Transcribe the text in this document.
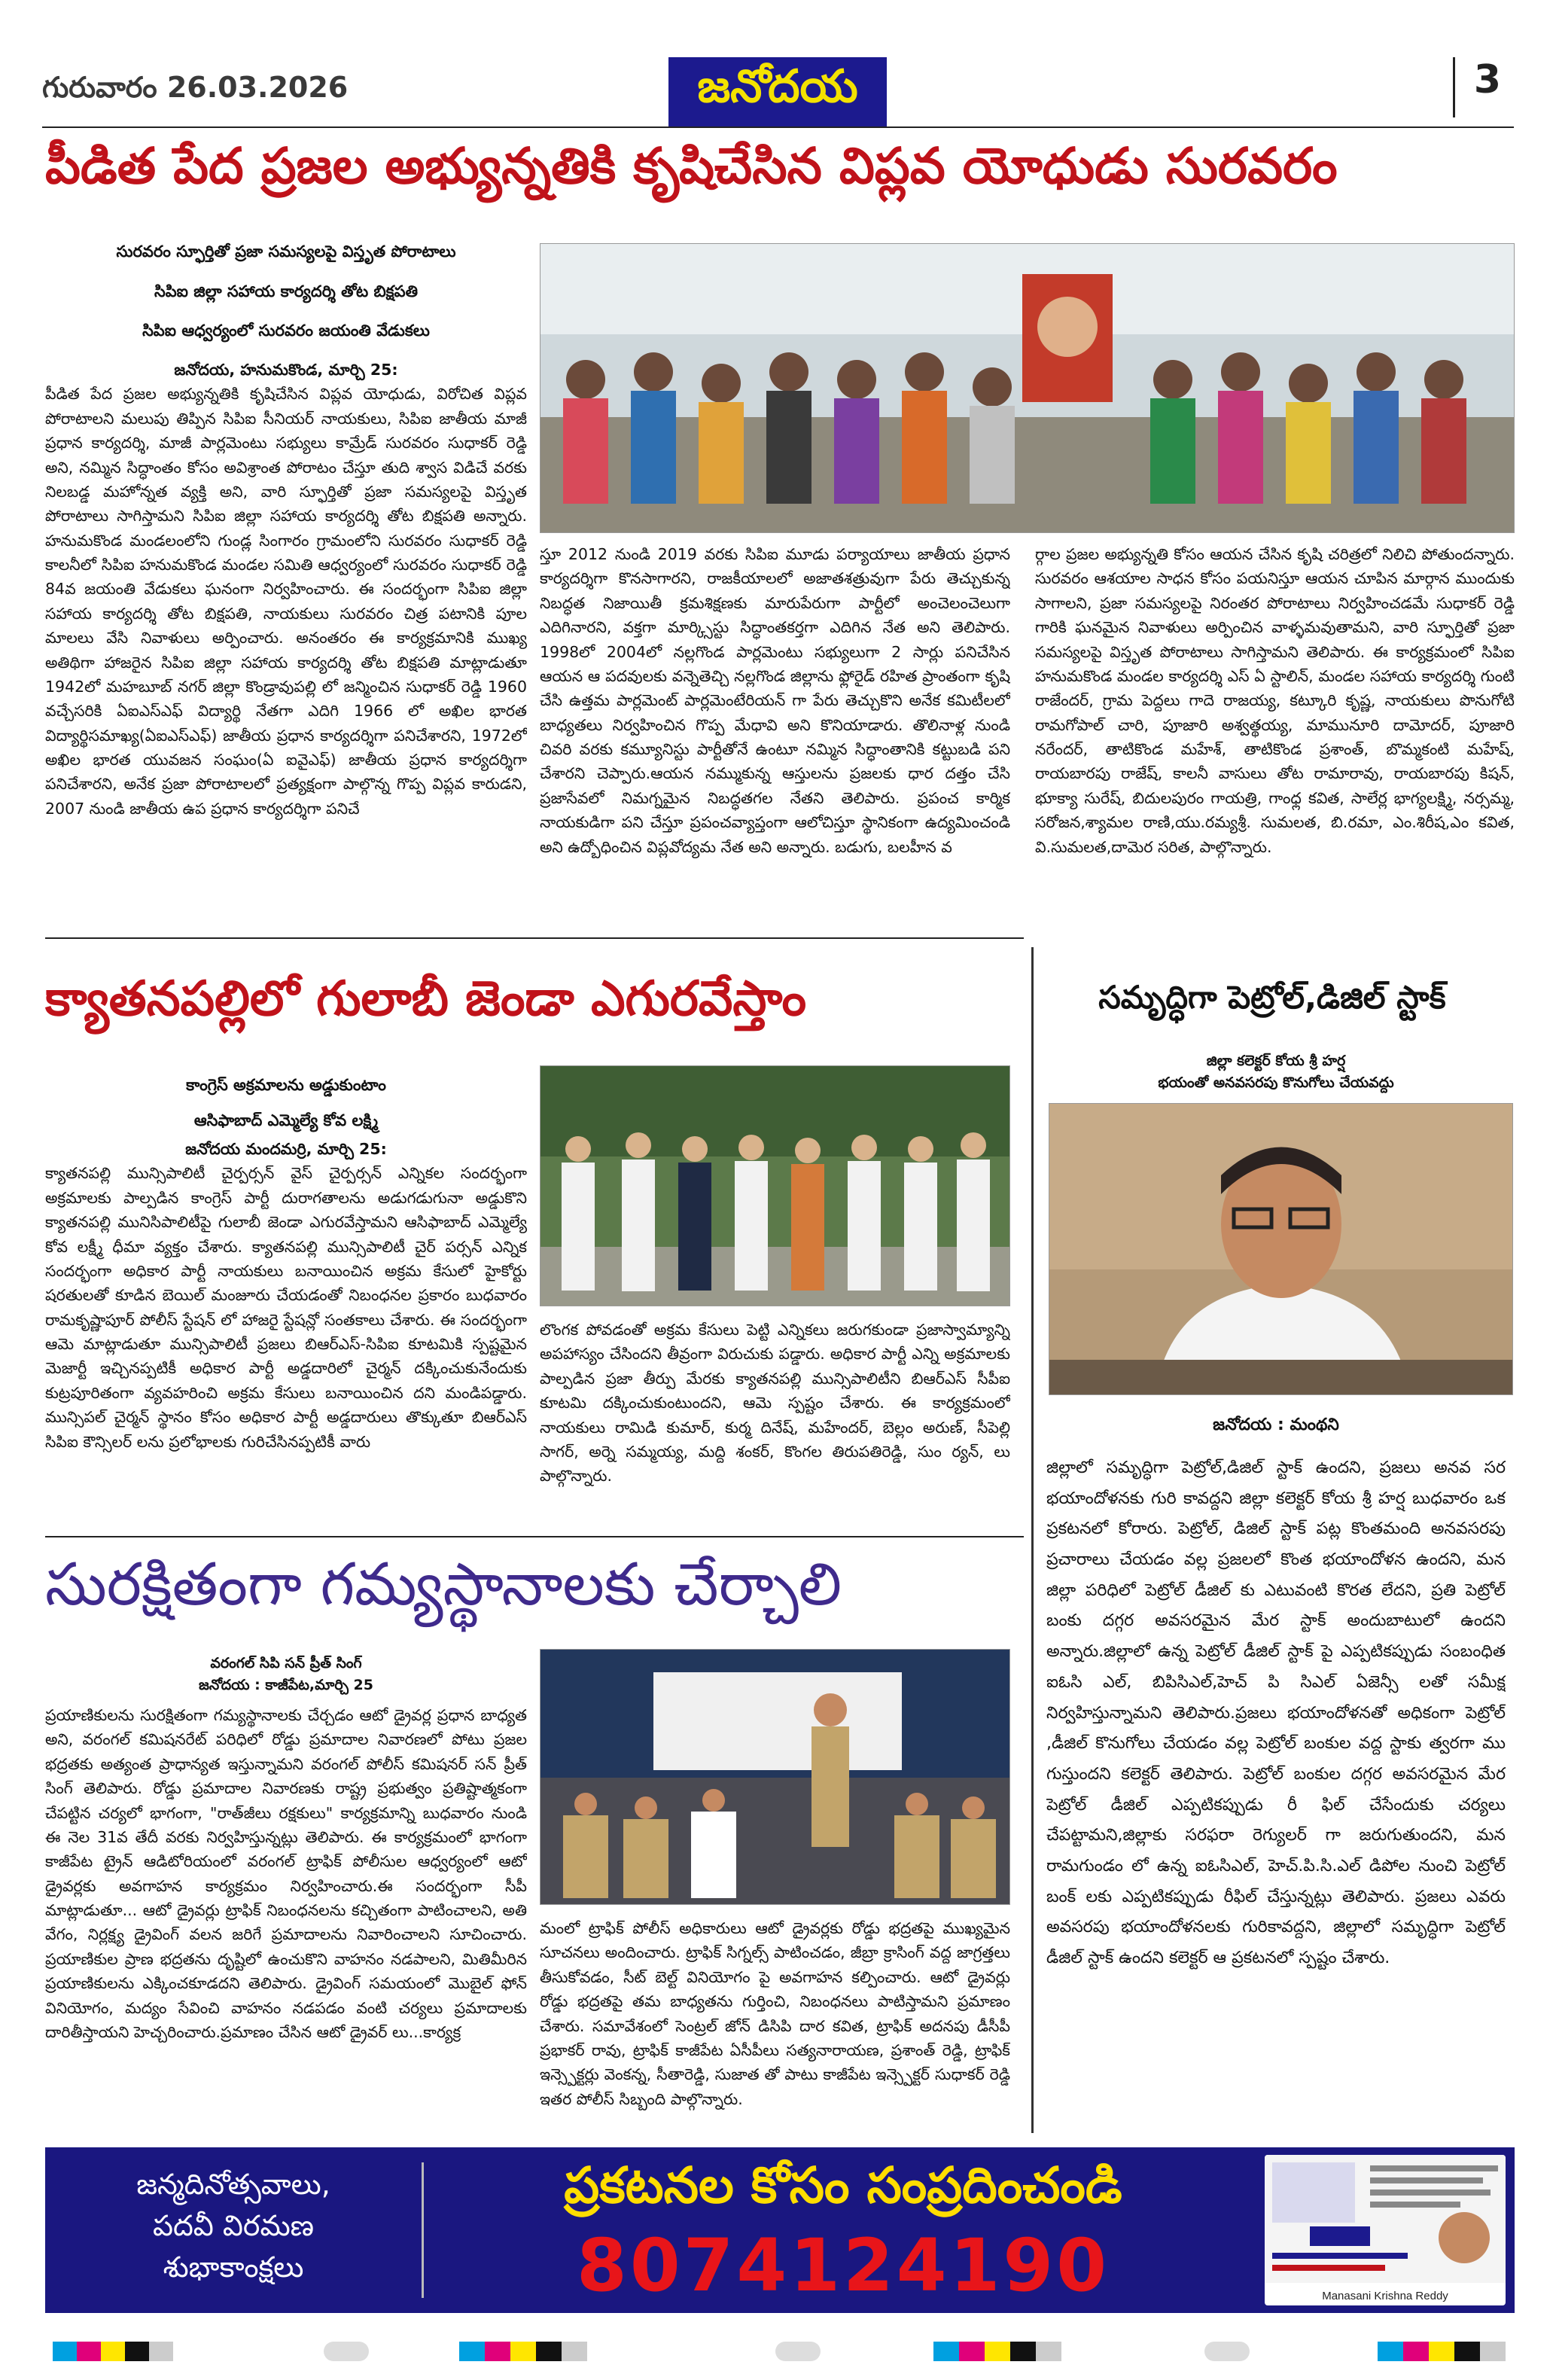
గురువారం 26.03.2026	జనోదయ	3
పీడిత పేద ప్రజల అభ్యున్నతికి కృషిచేసిన విప్లవ యోధుడు సురవరం
సురవరం స్ఫూర్తితో ప్రజా సమస్యలపై విస్తృత పోరాటాలు
సిపిఐ జిల్లా సహాయ కార్యదర్శి తోట బిక్షపతి
సిపిఐ ఆధ్వర్యంలో సురవరం జయంతి వేడుకలు
జనోదయ, హనుమకొండ, మార్చి 25:
పీడిత పేద ప్రజల అభ్యున్నతికి కృషిచేసిన విప్లవ యోధుడు, విరోచిత విప్లవ పోరాటాలని మలుపు తిప్పిన సిపిఐ సీనియర్ నాయకులు, సిపిఐ జాతీయ మాజీ ప్రధాన కార్యదర్శి, మాజీ పార్లమెంటు సభ్యులు కామ్రేడ్ సురవరం సుధాకర్ రెడ్డి అని, నమ్మిన సిద్ధాంతం కోసం అవిశ్రాంత పోరాటం చేస్తూ తుది శ్వాస విడిచే వరకు నిలబడ్డ మహోన్నత వ్యక్తి అని, వారి స్ఫూర్తితో ప్రజా సమస్యలపై విస్తృత పోరాటాలు సాగిస్తామని సిపిఐ జిల్లా సహాయ కార్యదర్శి తోట బిక్షపతి అన్నారు. హనుమకొండ మండలంలోని గుండ్ల సింగారం గ్రామంలోని సురవరం సుధాకర్ రెడ్డి కాలనీలో సిపిఐ హనుమకొండ మండల సమితి ఆధ్వర్యంలో సురవరం సుధాకర్ రెడ్డి 84వ జయంతి వేడుకలు ఘనంగా నిర్వహించారు. ఈ సందర్భంగా సిపిఐ జిల్లా సహాయ కార్యదర్శి తోట బిక్షపతి, నాయకులు సురవరం చిత్ర పటానికి పూల మాలలు వేసి నివాళులు అర్పించారు. అనంతరం ఈ కార్యక్రమానికి ముఖ్య అతిథిగా హాజరైన సిపిఐ జిల్లా సహాయ కార్యదర్శి తోట బిక్షపతి మాట్లాడుతూ 1942లో మహబూబ్ నగర్ జిల్లా కొండ్రావుపల్లి లో జన్మించిన సుధాకర్ రెడ్డి 1960 వచ్చేసరికి ఏఐఎస్ఎఫ్ విద్యార్థి నేతగా ఎదిగి 1966 లో అఖిల భారత విద్యార్థిసమాఖ్య(ఏఐఎస్ఎఫ్) జాతీయ ప్రధాన కార్యదర్శిగా పనిచేశారని, 1972లో అఖిల భారత యువజన సంఘం(ఏ ఐవైఎఫ్) జాతీయ ప్రధాన కార్యదర్శిగా పనిచేశారని, అనేక ప్రజా పోరాటాలలో ప్రత్యక్షంగా పాల్గొన్న గొప్ప విప్లవ కారుడని, 2007 నుండి జాతీయ ఉప ప్రధాన కార్యదర్శిగా పనిచే
స్తూ 2012 నుండి 2019 వరకు సిపిఐ మూడు పర్యాయాలు జాతీయ ప్రధాన కార్యదర్శిగా కొనసాగారని, రాజకీయాలలో అజాతశత్రువుగా పేరు తెచ్చుకున్న నిబద్ధత నిజాయితీ క్రమశిక్షణకు మారుపేరుగా పార్టీలో అంచెలంచెలుగా ఎదిగినారని, వక్తగా మార్క్సిస్టు సిద్ధాంతకర్తగా ఎదిగిన నేత అని తెలిపారు. 1998లో 2004లో నల్లగొండ పార్లమెంటు సభ్యులుగా 2 సార్లు పనిచేసిన ఆయన ఆ పదవులకు వన్నెతెచ్చి నల్లగొండ జిల్లాను ఫ్లోరైడ్ రహిత ప్రాంతంగా కృషి చేసి ఉత్తమ పార్లమెంట్ పార్లమెంటేరియన్ గా పేరు తెచ్చుకొని అనేక కమిటీలలో బాధ్యతలు నిర్వహించిన గొప్ప మేధావి అని కొనియాడారు. తొలినాళ్ల నుండి చివరి వరకు కమ్యూనిస్టు పార్టీతోనే ఉంటూ నమ్మిన సిద్ధాంతానికి కట్టుబడి పని చేశారని చెప్పారు.ఆయన నమ్ముకున్న ఆస్తులను ప్రజలకు ధార దత్తం చేసి ప్రజాసేవలో నిమగ్నమైన నిబద్ధతగల నేతని తెలిపారు. ప్రపంచ కార్మిక నాయకుడిగా పని చేస్తూ ప్రపంచవ్యాప్తంగా ఆలోచిస్తూ స్థానికంగా ఉద్యమించండి అని ఉద్బోధించిన విప్లవోద్యమ నేత అని అన్నారు. బడుగు, బలహీన వ
ర్గాల ప్రజల అభ్యున్నతి కోసం ఆయన చేసిన కృషి చరిత్రలో నిలిచి పోతుందన్నారు. సురవరం ఆశయాల సాధన కోసం పయనిస్తూ ఆయన చూపిన మార్గాన ముందుకు సాగాలని, ప్రజా సమస్యలపై నిరంతర పోరాటాలు నిర్వహించడమే సుధాకర్ రెడ్డి గారికి ఘనమైన నివాళులు అర్పించిన వాళ్ళమవుతామని, వారి స్ఫూర్తితో ప్రజా సమస్యలపై విస్తృత పోరాటాలు సాగిస్తామని తెలిపారు. ఈ కార్యక్రమంలో సిపిఐ హనుమకొండ మండల కార్యదర్శి ఎస్ ఏ స్టాలిన్, మండల సహాయ కార్యదర్శి గుంటి రాజేందర్, గ్రామ పెద్దలు గాదె రాజయ్య, కట్కూరి కృష్ణ, నాయకులు పొనుగోటి రామగోపాల్ చారి, పూజారి అశ్వత్థయ్య, మామునూరి దామోదర్, పూజారి నరేందర్, తాటికొండ మహేశ్, తాటికొండ ప్రశాంత్, బొమ్మకంటి మహేష్, రాయబారపు రాజేష్, కాలనీ వాసులు తోట రామారావు, రాయబారపు కిషన్, భూక్యా సురేష్, బిదులపురం గాయత్రి, గాంధ్ల కవిత, సాలేర్ల భాగ్యలక్ష్మి, నర్సమ్మ, సరోజన,శ్యామల రాణి,యు.రమ్యశ్రీ. సుమలత, బి.రమా, ఎం.శిరీష,ఎం కవిత, వి.సుమలత,దామెర సరిత, పాల్గొన్నారు.
క్యాతనపల్లిలో గులాబీ జెండా ఎగురవేస్తాం
కాంగ్రెస్ అక్రమాలను అడ్డుకుంటాం
ఆసిఫాబాద్ ఎమ్మెల్యే కోవ లక్ష్మి
జనోదయ మందమర్రి, మార్చి 25:
క్యాతనపల్లి మున్సిపాలిటీ చైర్పర్సన్ వైస్ చైర్పర్సన్ ఎన్నికల సందర్భంగా అక్రమాలకు పాల్పడిన కాంగ్రెస్ పార్టీ దురాగతాలను అడుగడుగునా అడ్డుకొని క్యాతనపల్లి మునిసిపాలిటీపై గులాబీ జెండా ఎగురవేస్తామని ఆసిఫాబాద్ ఎమ్మెల్యే కోవ లక్ష్మీ ధీమా వ్యక్తం చేశారు. క్యాతనపల్లి మున్సిపాలిటీ చైర్ పర్సన్ ఎన్నిక సందర్భంగా అధికార పార్టీ నాయకులు బనాయించిన అక్రమ కేసులో హైకోర్టు షరతులతో కూడిన బెయిల్ మంజూరు చేయడంతో నిబంధనల ప్రకారం బుధవారం రామకృష్ణాపూర్ పోలీస్ స్టేషన్ లో హాజరై స్టేషన్లో సంతకాలు చేశారు. ఈ సందర్భంగా ఆమె మాట్లాడుతూ మున్సిపాలిటీ ప్రజలు బిఆర్ఎస్-సిపిఐ కూటమికి స్పష్టమైన మెజార్టీ ఇచ్చినప్పటికీ అధికార పార్టీ అడ్డదారిలో చైర్మన్ దక్కించుకునేందుకు కుట్రపూరితంగా వ్యవహరించి అక్రమ కేసులు బనాయించిన దని మండిపడ్డారు. మున్సిపల్ చైర్మన్ స్థానం కోసం అధికార పార్టీ అడ్డదారులు తొక్కుతూ బిఆర్ఎస్ సిపిఐ కౌన్సిలర్ లను ప్రలోభాలకు గురిచేసినప్పటికీ వారు
లొంగక పోవడంతో అక్రమ కేసులు పెట్టి ఎన్నికలు జరుగకుండా ప్రజాస్వామ్యాన్ని అపహాస్యం చేసిందని తీవ్రంగా విరుచుకు పడ్డారు. అధికార పార్టీ ఎన్ని అక్రమాలకు పాల్పడిన ప్రజా తీర్పు మేరకు క్యాతనపల్లి మున్సిపాలిటీని బిఆర్ఎస్ సీపీఐ కూటమి దక్కించుకుంటుందని, ఆమె స్పష్టం చేశారు. ఈ కార్యక్రమంలో నాయకులు రామిడి కుమార్, కుర్మ దినేష్, మహేందర్, బెల్లం అరుణ్, సీపెల్లి సాగర్, అర్నె సమ్మయ్య, మద్ది శంకర్, కొంగల తిరుపతిరెడ్డి, సుం ర్యన్, లు పాల్గొన్నారు.
సమృద్ధిగా పెట్రోల్,డిజిల్ స్టాక్
జిల్లా కలెక్టర్ కోయ శ్రీ హర్ష
భయంతో అనవసరపు కొనుగోలు చేయవద్దు
జనోదయ : మంథని
జిల్లాలో సమృద్ధిగా పెట్రోల్,డిజిల్ స్టాక్ ఉందని, ప్రజలు అనవ సర భయాందోళనకు గురి కావద్దని జిల్లా కలెక్టర్ కోయ శ్రీ హర్ష బుధవారం ఒక ప్రకటనలో కోరారు. పెట్రోల్, డిజిల్ స్టాక్ పట్ల కొంతమంది అనవసరపు ప్రచారాలు చేయడం వల్ల ప్రజలలో కొంత భయాందోళన ఉందని, మన జిల్లా పరిధిలో పెట్రోల్ డీజిల్ కు ఎటువంటి కొరత లేదని, ప్రతి పెట్రోల్ బంకు దగ్గర అవసరమైన మేర స్టాక్ అందుబాటులో ఉందని అన్నారు.జిల్లాలో ఉన్న పెట్రోల్ డీజిల్ స్టాక్ పై ఎప్పటికప్పుడు సంబంధిత ఐఓసి ఎల్, బిపిసిఎల్,హెచ్ పి సిఎల్ ఏజెన్సీ లతో సమీక్ష నిర్వహిస్తున్నామని తెలిపారు.ప్రజలు భయాందోళనతో అధికంగా పెట్రోల్ ,డీజిల్ కొనుగోలు చేయడం వల్ల పెట్రోల్ బంకుల వద్ద స్టాకు త్వరగా ము గుస్తుందని కలెక్టర్ తెలిపారు. పెట్రోల్ బంకుల దగ్గర అవసరమైన మేర పెట్రోల్ డీజిల్ ఎప్పటికప్పుడు రీ ఫిల్ చేసేందుకు చర్యలు చేపట్టామని,జిల్లాకు సరఫరా రెగ్యులర్ గా జరుగుతుందని, మన రామగుండం లో ఉన్న ఐఓసిఎల్, హెచ్.పి.సి.ఎల్ డిపోల నుంచి పెట్రోల్ బంక్ లకు ఎప్పటికప్పుడు రీఫిల్ చేస్తున్నట్లు తెలిపారు. ప్రజలు ఎవరు అవసరపు భయాందోళనలకు గురికావద్దని, జిల్లాలో సమృద్ధిగా పెట్రోల్ డీజిల్ స్టాక్ ఉందని కలెక్టర్ ఆ ప్రకటనలో స్పష్టం చేశారు.
సురక్షితంగా గమ్యస్థానాలకు చేర్చాలి
వరంగల్ సిపి సన్ ప్రీత్ సింగ్
జనోదయ : కాజీపేట,మార్చి 25
ప్రయాణికులను సురక్షితంగా గమ్యస్థానాలకు చేర్చడం ఆటో డ్రైవర్ల ప్రధాన బాధ్యత అని, వరంగల్ కమిషనరేట్ పరిధిలో రోడ్డు ప్రమాదాల నివారణలో పోటు ప్రజల భద్రతకు అత్యంత ప్రాధాన్యత ఇస్తున్నామని వరంగల్ పోలీస్ కమిషనర్ సన్ ప్రీత్ సింగ్ తెలిపారు. రోడ్డు ప్రమాదాల నివారణకు రాష్ట్ర ప్రభుత్వం ప్రతిష్టాత్మకంగా చేపట్టిన చర్యలో భాగంగా, "రాత్‌జీలు రక్షకులు" కార్యక్రమాన్ని బుధవారం నుండి ఈ నెల 31వ తేదీ వరకు నిర్వహిస్తున్నట్లు తెలిపారు. ఈ కార్యక్రమంలో భాగంగా కాజీపేట ట్రైన్ ఆడిటోరియంలో వరంగల్ ట్రాఫిక్ పోలీసుల ఆధ్వర్యంలో ఆటో డ్రైవర్లకు అవగాహన కార్యక్రమం నిర్వహించారు.ఈ సందర్భంగా సీపీ మాట్లాడుతూ... ఆటో డ్రైవర్లు ట్రాఫిక్ నిబంధనలను కచ్చితంగా పాటించాలని, అతి వేగం, నిర్లక్ష్య డ్రైవింగ్ వలన జరిగే ప్రమాదాలను నివారించాలని సూచించారు. ప్రయాణికుల ప్రాణ భద్రతను దృష్టిలో ఉంచుకొని వాహనం నడపాలని, మితిమీరిన ప్రయాణికులను ఎక్కించకూడదని తెలిపారు. డ్రైవింగ్ సమయంలో మొబైల్ ఫోన్ వినియోగం, మద్యం సేవించి వాహనం నడపడం వంటి చర్యలు ప్రమాదాలకు దారితీస్తాయని హెచ్చరించారు.ప్రమాణం చేసిన ఆటో డ్రైవర్ లు...కార్యక్ర
మంలో ట్రాఫిక్ పోలీస్ అధికారులు ఆటో డ్రైవర్లకు రోడ్డు భద్రతపై ముఖ్యమైన సూచనలు అందించారు. ట్రాఫిక్ సిగ్నల్స్ పాటించడం, జీబ్రా క్రాసింగ్ వద్ద జాగ్రత్తలు తీసుకోవడం, సీట్ బెల్ట్ వినియోగం పై అవగాహన కల్పించారు. ఆటో డ్రైవర్లు రోడ్డు భద్రతపై తమ బాధ్యతను గుర్తించి, నిబంధనలు పాటిస్తామని ప్రమాణం చేశారు. సమావేశంలో సెంట్రల్ జోన్ డిసిపి దార కవిత, ట్రాఫిక్ అదనపు డీసీపీ ప్రభాకర్ రావు, ట్రాఫిక్ కాజీపేట ఏసీపీలు సత్యనారాయణ, ప్రశాంత్ రెడ్డి, ట్రాఫిక్ ఇన్స్పెక్టర్లు వెంకన్న, సీతారెడ్డి, సుజాత తో పాటు కాజీపేట ఇన్స్పెక్టర్ సుధాకర్ రెడ్డి ఇతర పోలీస్ సిబ్బంది పాల్గొన్నారు.
జన్మదినోత్సవాలు,
పదవీ విరమణ
శుభాకాంక్షలు
ప్రకటనల కోసం సంప్రదించండి
8074124190	Manasani Krishna Reddy
